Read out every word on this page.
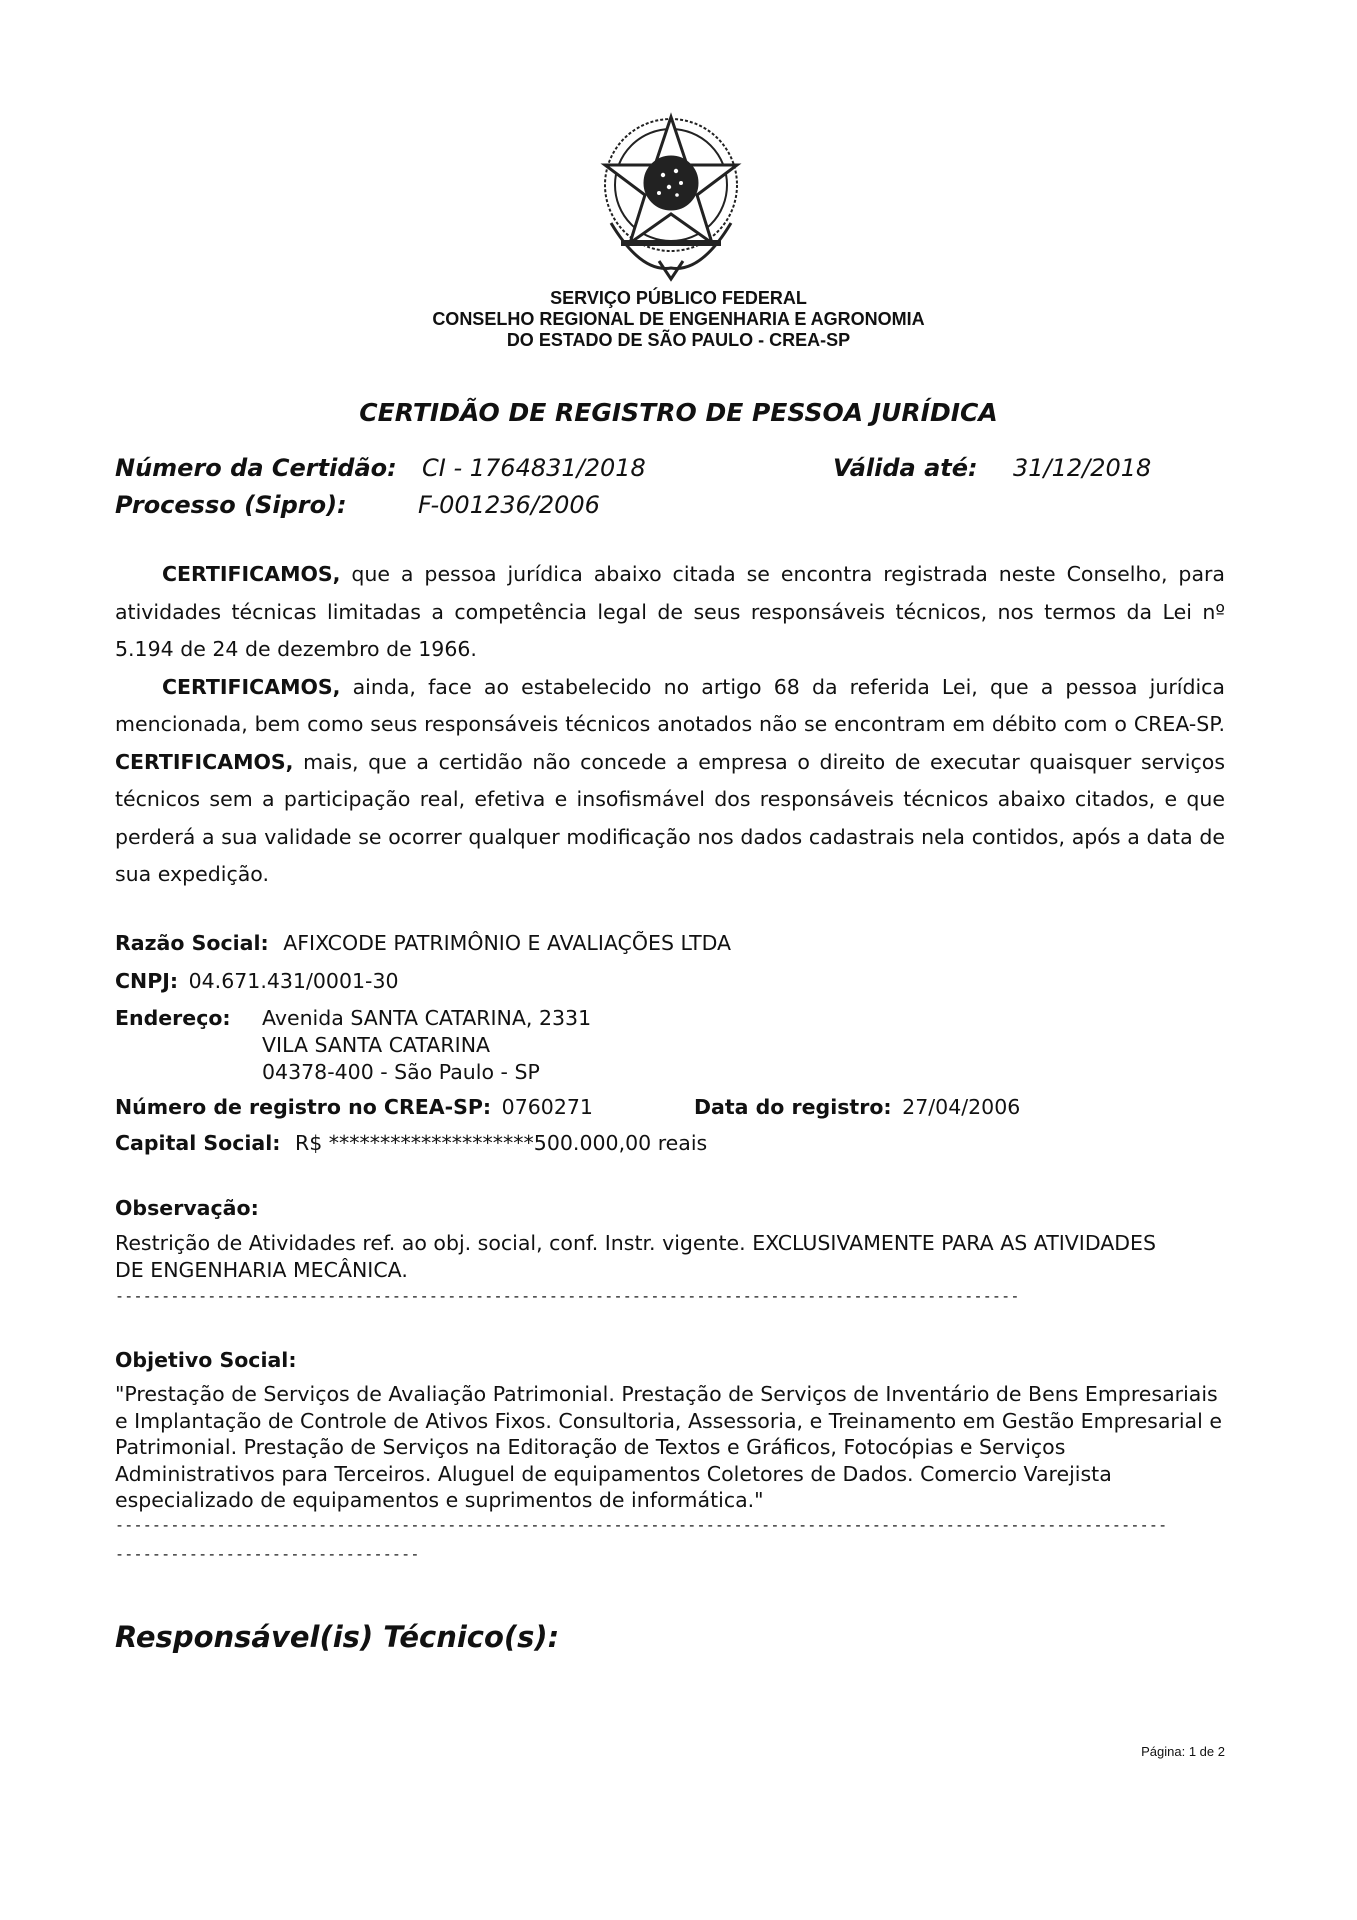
SERVIÇO PÚBLICO FEDERAL
CONSELHO REGIONAL DE ENGENHARIA E AGRONOMIA
DO ESTADO DE SÃO PAULO - CREA-SP
CERTIDÃO DE REGISTRO DE PESSOA JURÍDICA
Número da Certidão: CI - 1764831/2018	Válida até: 31/12/2018
Processo (Sipro):	F-001236/2006

CERTIFICAMOS, que a pessoa jurídica abaixo citada se encontra registrada neste Conselho, para atividades técnicas limitadas a competência legal de seus responsáveis técnicos, nos termos da Lei nº 5.194 de 24 de dezembro de 1966.

CERTIFICAMOS, ainda, face ao estabelecido no artigo 68 da referida Lei, que a pessoa jurídica mencionada, bem como seus responsáveis técnicos anotados não se encontram em débito com o CREA-SP. CERTIFICAMOS, mais, que a certidão não concede a empresa o direito de executar quaisquer serviços técnicos sem a participação real, efetiva e insofismável dos responsáveis técnicos abaixo citados, e que perderá a sua validade se ocorrer qualquer modificação nos dados cadastrais nela contidos, após a data de sua expedição.

Razão Social: AFIXCODE PATRIMÔNIO E AVALIAÇÕES LTDA
CNPJ: 04.671.431/0001-30
Endereço: Avenida SANTA CATARINA, 2331
VILA SANTA CATARINA
04378-400 - São Paulo - SP
Número de registro no CREA-SP: 0760271	Data do registro: 27/04/2006
Capital Social: R$ ********************500.000,00 reais
Observação:
Restrição de Atividades ref. ao obj. social, conf. Instr. vigente. EXCLUSIVAMENTE PARA AS ATIVIDADES DE ENGENHARIA MECÂNICA.
--------------------------------------------------------------------------------------------------
Objetivo Social:
"Prestação de Serviços de Avaliação Patrimonial. Prestação de Serviços de Inventário de Bens Empresariais e Implantação de Controle de Ativos Fixos. Consultoria, Assessoria, e Treinamento em Gestão Empresarial e Patrimonial. Prestação de Serviços na Editoração de Textos e Gráficos, Fotocópias e Serviços Administrativos para Terceiros. Aluguel de equipamentos Coletores de Dados. Comercio Varejista especializado de equipamentos e suprimentos de informática."
------------------------------------------------------------------------------------------------------------------
---------------------------------
Responsável(is) Técnico(s):
Página: 1 de 2
